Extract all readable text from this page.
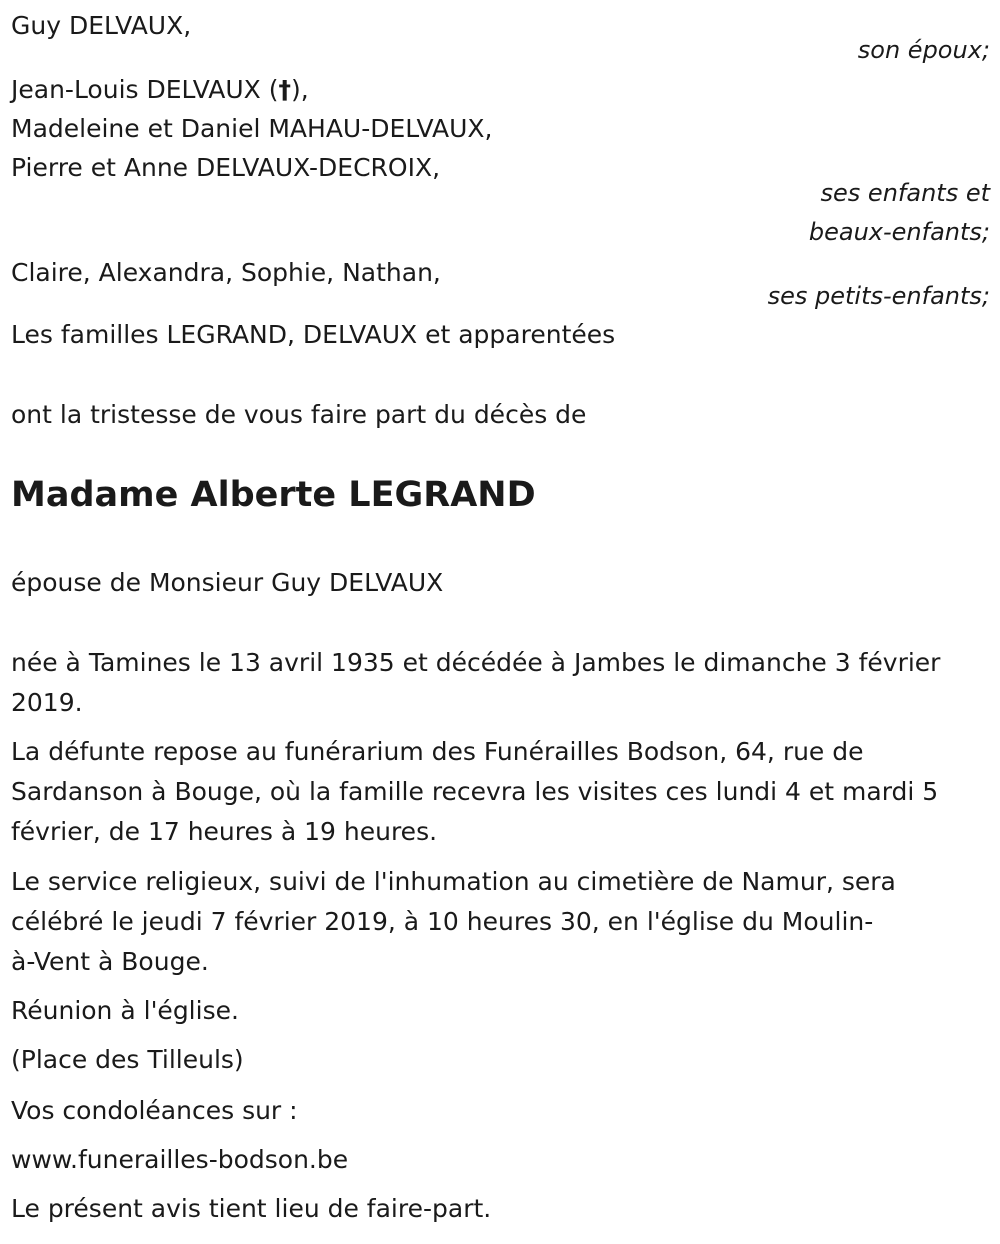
Guy DELVAUX,
son époux;
Jean-Louis DELVAUX (†),
Madeleine et Daniel MAHAU-DELVAUX,
Pierre et Anne DELVAUX-DECROIX,
ses enfants et
beaux-enfants;
Claire, Alexandra, Sophie, Nathan,
ses petits-enfants;
Les familles LEGRAND, DELVAUX et apparentées
ont la tristesse de vous faire part du décès de
Madame Alberte LEGRAND
épouse de Monsieur Guy DELVAUX
née à Tamines le 13 avril 1935 et décédée à Jambes le dimanche 3 février
2019.
La défunte repose au funérarium des Funérailles Bodson, 64, rue de
Sardanson à Bouge, où la famille recevra les visites ces lundi 4 et mardi 5
février, de 17 heures à 19 heures.
Le service religieux, suivi de l'inhumation au cimetière de Namur, sera
célébré le jeudi 7 février 2019, à 10 heures 30, en l'église du Moulin-
à-Vent à Bouge.
Réunion à l'église.
(Place des Tilleuls)
Vos condoléances sur :
www.funerailles-bodson.be
Le présent avis tient lieu de faire-part.
